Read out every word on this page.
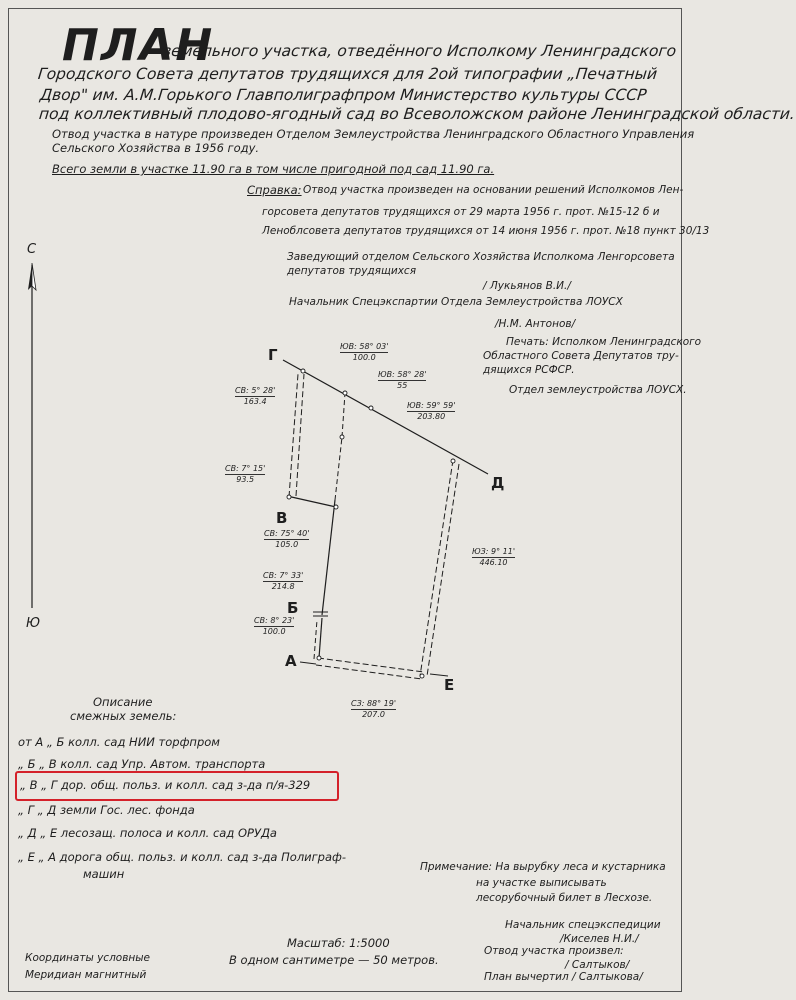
ПЛАН
земельного участка, отведённого Исполкому Ленинградского
Городского Совета депутатов трудящихся для 2ой типографии „Печатный
Двор" им. А.М.Горького Главполиграфпром Министерство культуры СССР
под коллективный плодово-ягодный сад во Всеволожском районе Ленинградской области.
Отвод участка в натуре произведен Отделом Землеустройства Ленинградского Областного Управления
Сельского Хозяйства в 1956 году.
Всего земли в участке 11.90 га в том числе пригодной под сад 11.90 га.
Справка: Отвод участка произведен на основании решений Исполкомов Лен-
горсовета депутатов трудящихся от 29 марта 1956 г. прот. №15-12 б и
Леноблсовета депутатов трудящихся от 14 июня 1956 г. прот. №18 пункт 30/13
Заведующий отделом Сельского Хозяйства Исполкома Ленгорсовета
депутатов трудящихся
/ Лукьянов В.И./
Начальник Спецэкспартии Отдела Землеустройства ЛОУСХ
/Н.М. Антонов/
Печать: Исполком Ленинградского
Областного Совета Депутатов тру-
дящихся РСФСР.
Отдел землеустройства ЛОУСХ.
С
Ю
Г
Д
В
Б
А
Е
ЮВ: 58° 03'
100.0
ЮВ: 58° 28'
55
ЮВ: 59° 59'
203.80
СВ: 5° 28'
163.4
СВ: 7° 15'
93.5
СВ: 75° 40'
105.0
СВ: 7° 33'
214.8
СВ: 8° 23'
100.0
ЮЗ: 9° 11'
446.10
СЗ: 88° 19'
207.0
Описание
смежных земель:
от А „ Б колл. сад НИИ торфпром
„ Б „ В колл. сад Упр. Автом. транспорта
„ В „ Г дор. общ. польз. и колл. сад з-да п/я-329
„ Г „ Д земли Гос. лес. фонда
„ Д „ Е лесозащ. полоса и колл. сад ОРУДа
„ Е „ А дорога общ. польз. и колл. сад з-да Полиграф-
машин	Примечание: На вырубку леса и кустарника
на участке выписывать
лесорубочный билет в Лесхозе.
Начальник спецэкспедиции
/Киселев Н.И./
Отвод участка произвел:
/ Салтыков/
План вычертил / Салтыкова/
Масштаб: 1:5000
В одном сантиметре — 50 метров.
Координаты условные
Меридиан магнитный
